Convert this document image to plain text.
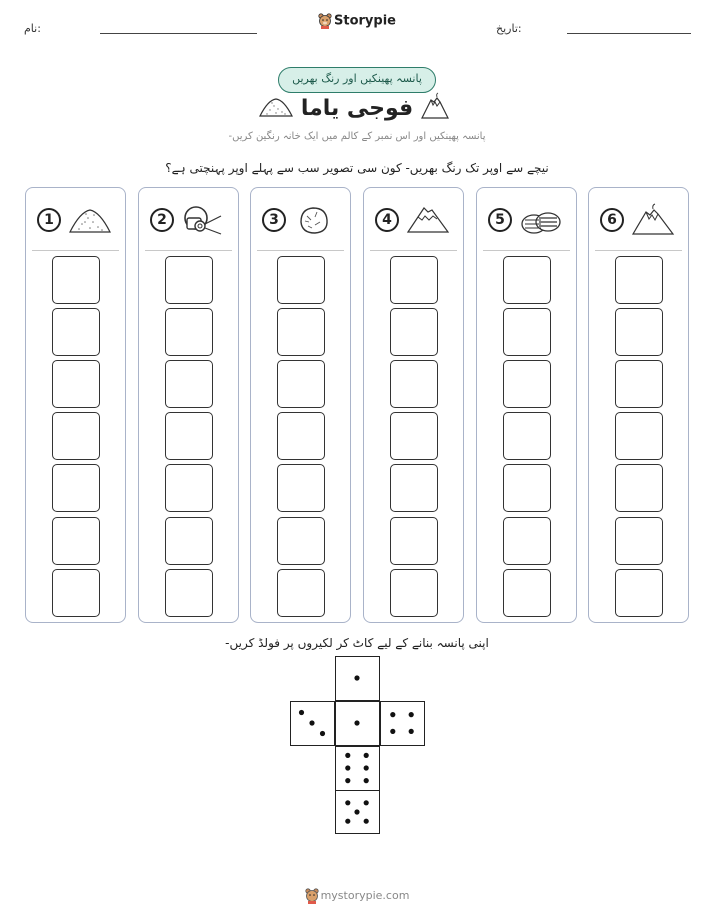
نام:	Storypie	تاریخ:
پانسہ پھینکیں اور رنگ بھریں
فوجی یاما
پانسہ پھینکیں اور اس نمبر کے کالم میں ایک خانہ رنگین کریں-
نیچے سے اوپر تک رنگ بھریں- کون سی تصویر سب سے پہلے اوپر پہنچتی ہے؟
1	2	3	4	5	6
اپنی پانسہ بنانے کے لیے کاٹ کر لکیروں پر فولڈ کریں-
mystorypie.com
